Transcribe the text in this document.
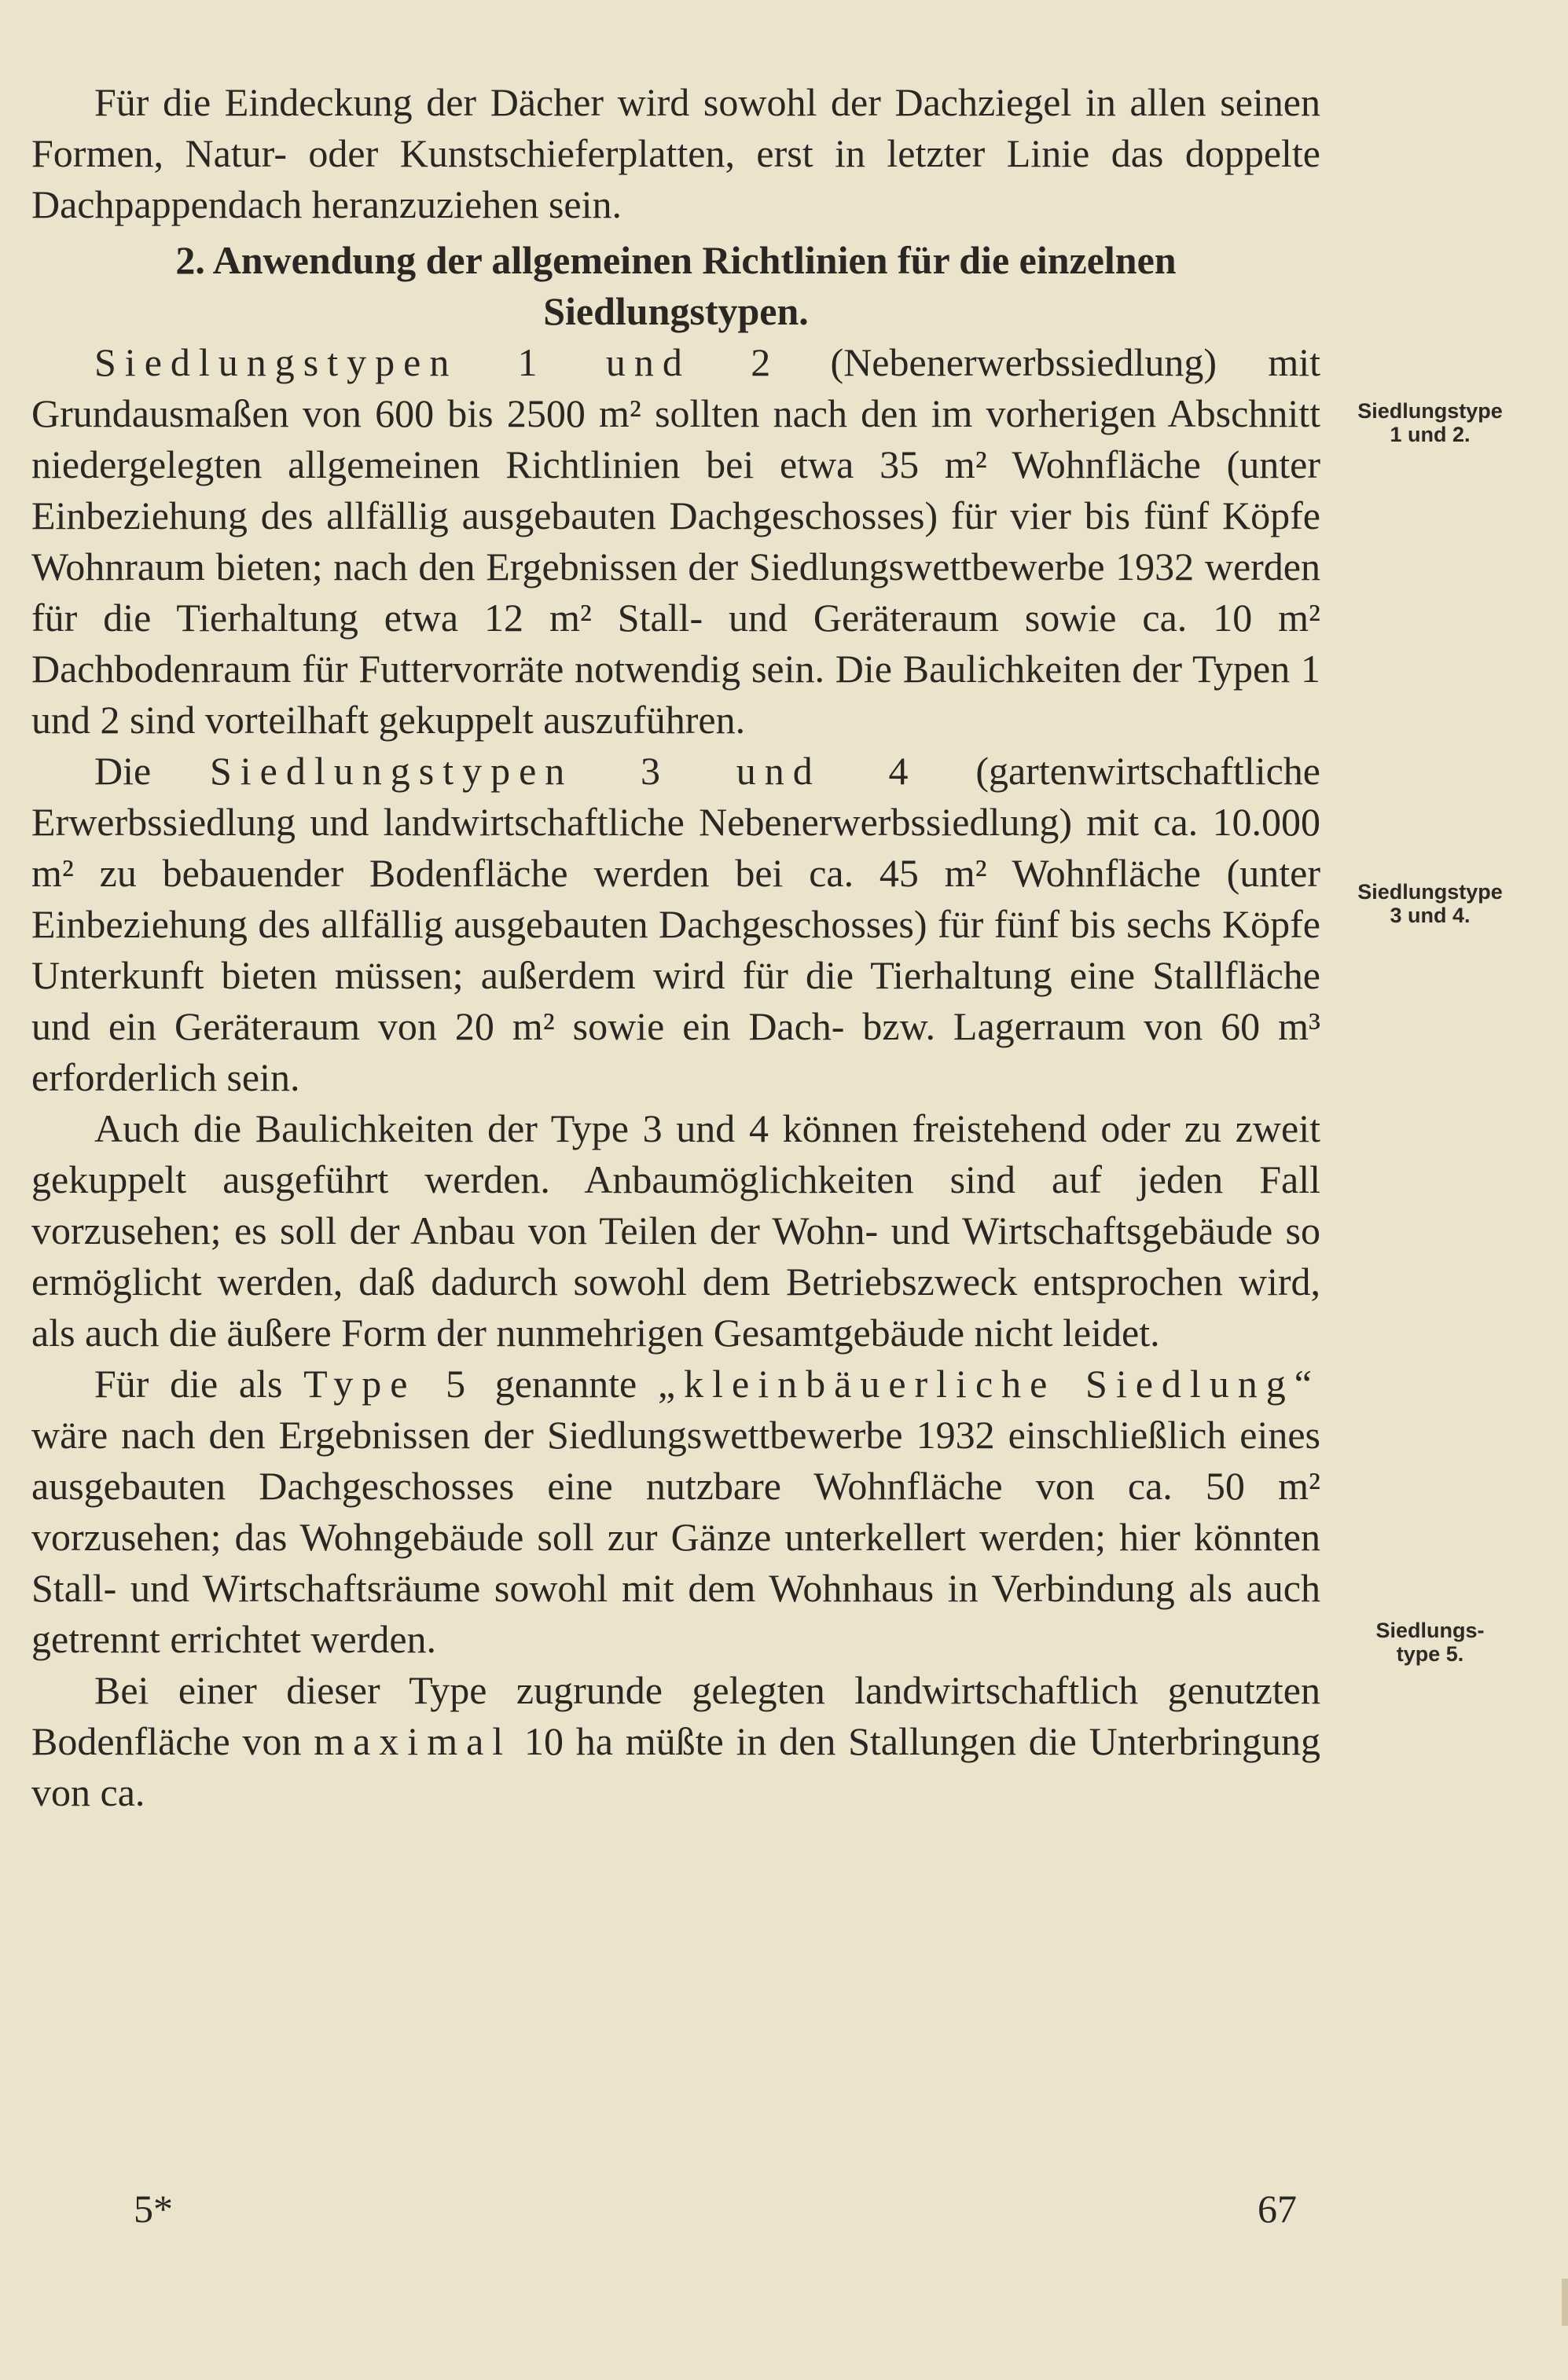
Für die Eindeckung der Dächer wird sowohl der Dachziegel in allen seinen Formen, Natur- oder Kunstschieferplatten, erst in letzter Linie das doppelte Dachpappendach heranzuziehen sein.

2. Anwendung der allgemeinen Richtlinien für die einzelnen Siedlungstypen.

Siedlungstypen 1 und 2 (Nebenerwerbssiedlung) mit Grundausmaßen von 600 bis 2500 m² sollten nach den im vorherigen Abschnitt niedergelegten allgemeinen Richtlinien bei etwa 35 m² Wohnfläche (unter Einbeziehung des allfällig ausgebauten Dachgeschosses) für vier bis fünf Köpfe Wohnraum bieten; nach den Ergebnissen der Siedlungswettbewerbe 1932 werden für die Tierhaltung etwa 12 m² Stall- und Geräteraum sowie ca. 10 m² Dachbodenraum für Futtervorräte notwendig sein. Die Baulichkeiten der Typen 1 und 2 sind vorteilhaft gekuppelt auszuführen.

Die Siedlungstypen 3 und 4 (gartenwirtschaftliche Erwerbssiedlung und landwirtschaftliche Nebenerwerbssiedlung) mit ca. 10.000 m² zu bebauender Bodenfläche werden bei ca. 45 m² Wohnfläche (unter Einbeziehung des allfällig ausgebauten Dachgeschosses) für fünf bis sechs Köpfe Unterkunft bieten müssen; außerdem wird für die Tierhaltung eine Stallfläche und ein Geräteraum von 20 m² sowie ein Dach- bzw. Lagerraum von 60 m³ erforderlich sein.

Auch die Baulichkeiten der Type 3 und 4 können freistehend oder zu zweit gekuppelt ausgeführt werden. Anbaumöglichkeiten sind auf jeden Fall vorzusehen; es soll der Anbau von Teilen der Wohn- und Wirtschaftsgebäude so ermöglicht werden, daß dadurch sowohl dem Betriebszweck entsprochen wird, als auch die äußere Form der nunmehrigen Gesamtgebäude nicht leidet.

Für die als Type 5 genannte „kleinbäuerliche Siedlung“ wäre nach den Ergebnissen der Siedlungswettbewerbe 1932 einschließlich eines ausgebauten Dachgeschosses eine nutzbare Wohnfläche von ca. 50 m² vorzusehen; das Wohngebäude soll zur Gänze unterkellert werden; hier könnten Stall- und Wirtschaftsräume sowohl mit dem Wohnhaus in Verbindung als auch getrennt errichtet werden.

Bei einer dieser Type zugrunde gelegten landwirtschaftlich genutzten Bodenfläche von maximal 10 ha müßte in den Stallungen die Unterbringung von ca.

Siedlungstype
1 und 2.
Siedlungstype
3 und 4.
Siedlungs-
type 5.
5*	67
